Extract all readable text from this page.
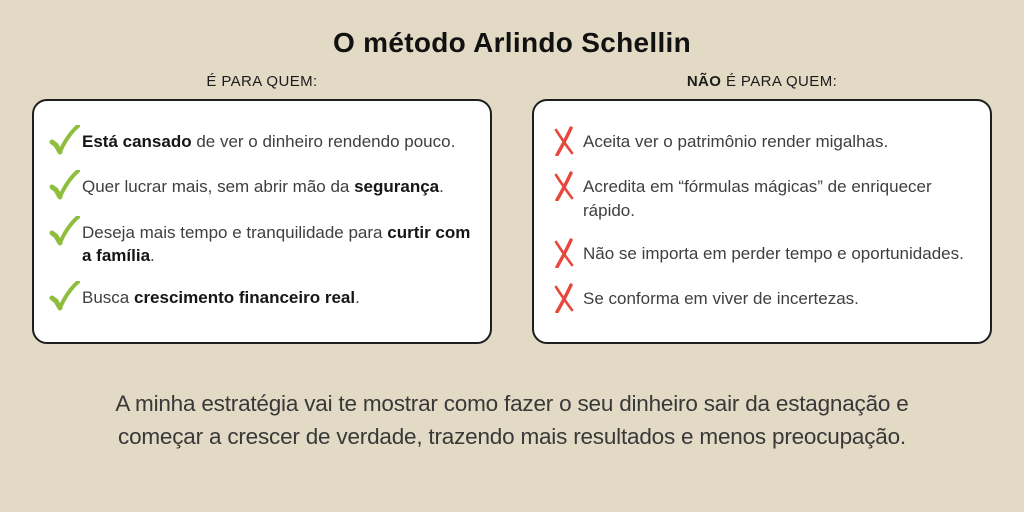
O método Arlindo Schellin
É PARA QUEM:

Está cansado de ver o dinheiro rendendo pouco.

Quer lucrar mais, sem abrir mão da segurança.

Deseja mais tempo e tranquilidade para curtir com a família.

Busca crescimento financeiro real.

NÃO É PARA QUEM:

Aceita ver o patrimônio render migalhas.

Acredita em “fórmulas mágicas” de enriquecer rápido.

Não se importa em perder tempo e oportunidades.

Se conforma em viver de incertezas.

A minha estratégia vai te mostrar como fazer o seu dinheiro sair da estagnação e
começar a crescer de verdade, trazendo mais resultados e menos preocupação.
